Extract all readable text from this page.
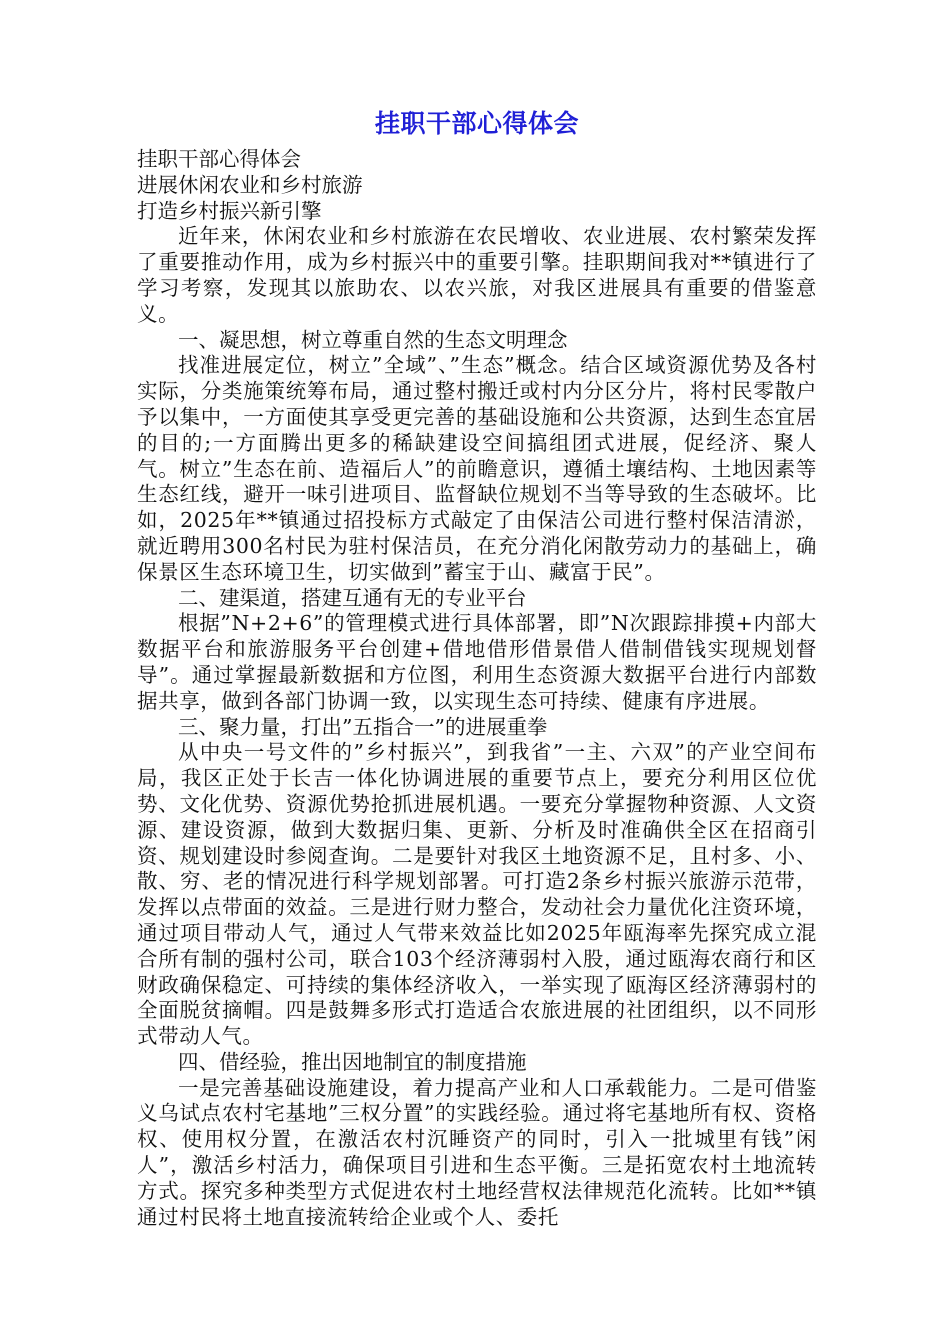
挂职干部心得体会
挂职干部心得体会
进展休闲农业和乡村旅游
打造乡村振兴新引擎

近年来，休闲农业和乡村旅游在农民增收、农业进展、农村繁荣发挥了重要推动作用，成为乡村振兴中的重要引擎。挂职期间我对**镇进行了学习考察，发现其以旅助农、以农兴旅，对我区进展具有重要的借鉴意义。

一、凝思想，树立尊重自然的生态文明理念

找准进展定位，树立”全域”、”生态”概念。结合区域资源优势及各村实际，分类施策统筹布局，通过整村搬迁或村内分区分片，将村民零散户予以集中，一方面使其享受更完善的基础设施和公共资源，达到生态宜居的目的;一方面腾出更多的稀缺建设空间搞组团式进展，促经济、聚人气。树立”生态在前、造福后人”的前瞻意识，遵循土壤结构、土地因素等生态红线，避开一味引进项目、监督缺位规划不当等导致的生态破坏。比如，2025年**镇通过招投标方式敲定了由保洁公司进行整村保洁清淤，就近聘用300名村民为驻村保洁员，在充分消化闲散劳动力的基础上，确保景区生态环境卫生，切实做到”蓄宝于山、藏富于民”。

二、建渠道，搭建互通有无的专业平台

根据”N+2+6”的管理模式进行具体部署，即”N次跟踪排摸+内部大数据平台和旅游服务平台创建+借地借形借景借人借制借钱实现规划督导”。通过掌握最新数据和方位图，利用生态资源大数据平台进行内部数据共享，做到各部门协调一致，以实现生态可持续、健康有序进展。

三、聚力量，打出”五指合一”的进展重拳

从中央一号文件的”乡村振兴”，到我省”一主、六双”的产业空间布局，我区正处于长吉一体化协调进展的重要节点上，要充分利用区位优势、文化优势、资源优势抢抓进展机遇。一要充分掌握物种资源、人文资源、建设资源，做到大数据归集、更新、分析及时准确供全区在招商引资、规划建设时参阅查询。二是要针对我区土地资源不足，且村多、小、散、穷、老的情况进行科学规划部署。可打造2条乡村振兴旅游示范带，发挥以点带面的效益。三是进行财力整合，发动社会力量优化注资环境，通过项目带动人气，通过人气带来效益比如2025年瓯海率先探究成立混合所有制的强村公司，联合103个经济薄弱村入股，通过瓯海农商行和区财政确保稳定、可持续的集体经济收入，一举实现了瓯海区经济薄弱村的全面脱贫摘帽。四是鼓舞多形式打造适合农旅进展的社团组织，以不同形式带动人气。

四、借经验，推出因地制宜的制度措施

一是完善基础设施建设，着力提高产业和人口承载能力。二是可借鉴义乌试点农村宅基地”三权分置”的实践经验。通过将宅基地所有权、资格权、使用权分置，在激活农村沉睡资产的同时，引入一批城里有钱”闲人”，激活乡村活力，确保项目引进和生态平衡。三是拓宽农村土地流转方式。探究多种类型方式促进农村土地经营权法律规范化流转。比如**镇通过村民将土地直接流转给企业或个人、委托
